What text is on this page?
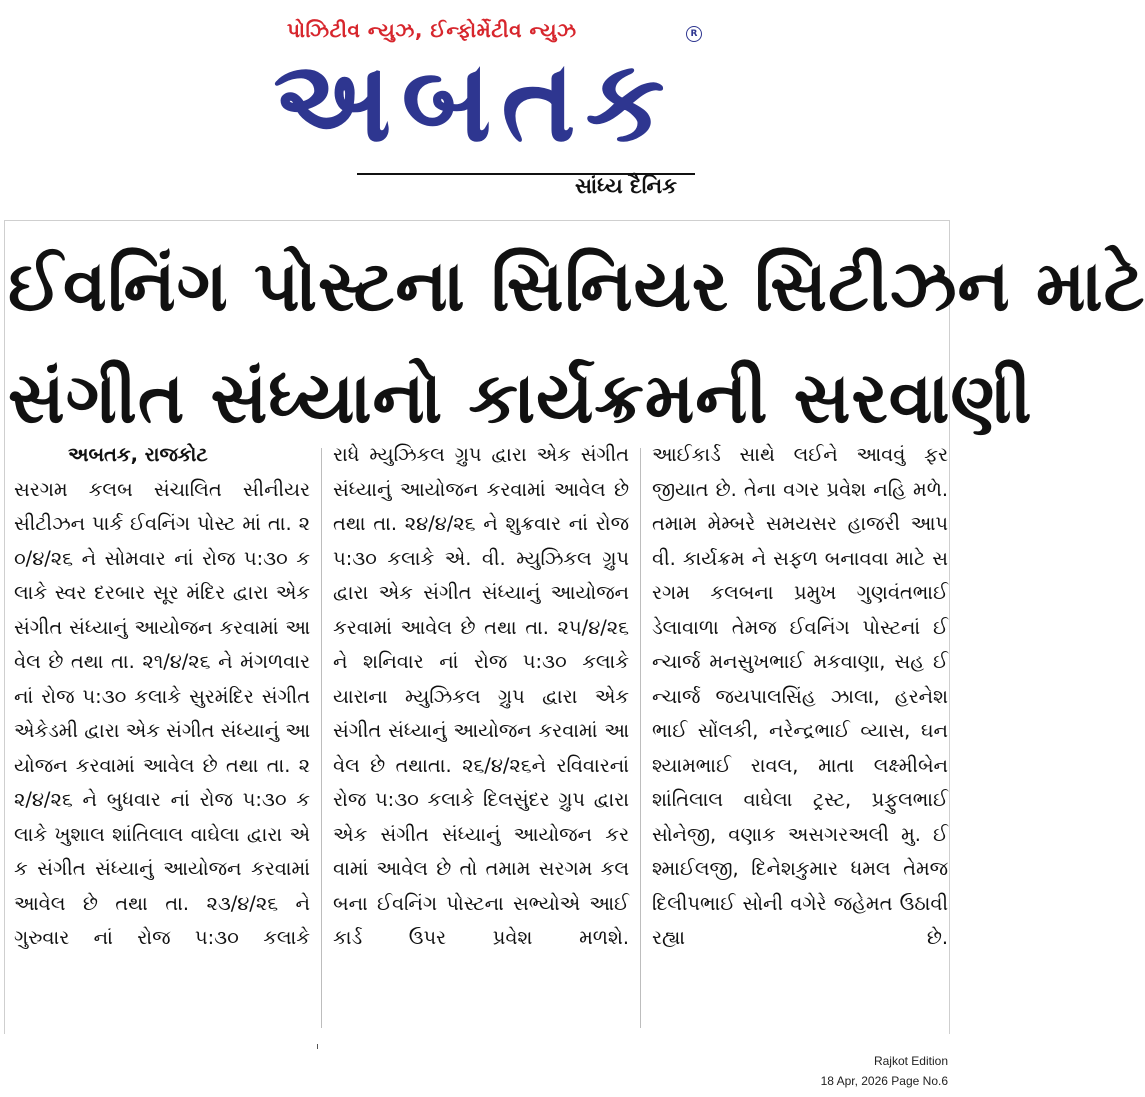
પોઝિટીવ ન્યુઝ, ઈન્ફોર્મેટીવ ન્યુઝ	R
અબતક
સાંધ્ય દૈનિક
ઈવનિંગ પોસ્ટના સિનિયર સિટીઝન માટે
સંગીત સંધ્યાનો કાર્યક્રમની સરવાણી
અબતક, રાજકોટ
સરગમ કલબ સંચાલિત સીનીયર સીટીઝન પાર્ક ઈવનિંગ પોસ્ટ માં તા. ૨૦/૪/૨૬ ને સોમવાર નાં રોજ ૫:૩૦ કલાકે સ્વર દરબાર સૂર મંદિર દ્વારા એક સંગીત સંધ્યાનું આયોજન કરવામાં આવેલ છે તથા તા. ૨૧/૪/૨૬ ને મંગળવાર નાં રોજ ૫:૩૦ કલાકે સુરમંદિર સંગીત એકેડમી દ્વારા એક સંગીત સંધ્યાનું આયોજન કરવામાં આવેલ છે તથા તા. ૨૨/૪/૨૬ ને બુધવાર નાં રોજ ૫:૩૦ કલાકે ખુશાલ શાંતિલાલ વાઘેલા દ્વારા એક સંગીત સંધ્યાનું આયોજન કરવામાં આવેલ છે તથા તા. ૨૩/૪/૨૬ ને ગુરુવાર નાં રોજ ૫:૩૦ કલાકે
રાધે મ્યુઝિકલ ગ્રુપ દ્વારા એક સંગીત સંધ્યાનું આયોજન કરવામાં આવેલ છે તથા તા. ૨૪/૪/૨૬ ને શુક્રવાર નાં રોજ ૫:૩૦ કલાકે એ. વી. મ્યુઝિકલ ગ્રુપ દ્વારા એક સંગીત સંધ્યાનું આયોજન કરવામાં આવેલ છે તથા તા. ૨૫/૪/૨૬ ને શનિવાર નાં રોજ ૫:૩૦ કલાકે યારાના મ્યુઝિકલ ગ્રુપ દ્વારા એક સંગીત સંધ્યાનું આયોજન કરવામાં આવેલ છે તથાતા. ૨૬/૪/૨૬ને રવિવારનાં રોજ ૫:૩૦ કલાકે દિલસુંદર ગ્રુપ દ્વારા એક સંગીત સંધ્યાનું આયોજન કરવામાં આવેલ છે તો તમામ સરગમ કલબના ઈવનિંગ પોસ્ટના સભ્યોએ આઈકાર્ડ ઉપર પ્રવેશ મળશે.
આઈકાર્ડ સાથે લઈને આવવું ફરજીયાત છે. તેના વગર પ્રવેશ નહિ મળે. તમામ મેમ્બરે સમયસર હાજરી આપવી. કાર્યક્રમ ને સફળ બનાવવા માટે સરગમ કલબના પ્રમુખ ગુણવંતભાઈ ડેલાવાળા તેમજ ઈવનિંગ પોસ્ટનાં ઈન્ચાર્જ મનસુખભાઈ મકવાણા, સહ ઈન્ચાર્જ જયપાલસિંહ ઝાલા, હરનેશભાઈ સોંલકી, નરેન્દ્રભાઈ વ્યાસ, ઘનશ્યામભાઈ રાવલ, માતા લક્ષ્મીબેન શાંતિલાલ વાઘેલા ટ્રસ્ટ, પ્રફુલભાઈ સોનેજી, વણાક અસગરઅલી મુ. ઈશ્માઈલજી, દિનેશકુમાર ધમલ તેમજ દિલીપભાઈ સોની વગેરે જહેમત ઉઠાવી રહ્યા છે.
Rajkot Edition
18 Apr, 2026 Page No.6
